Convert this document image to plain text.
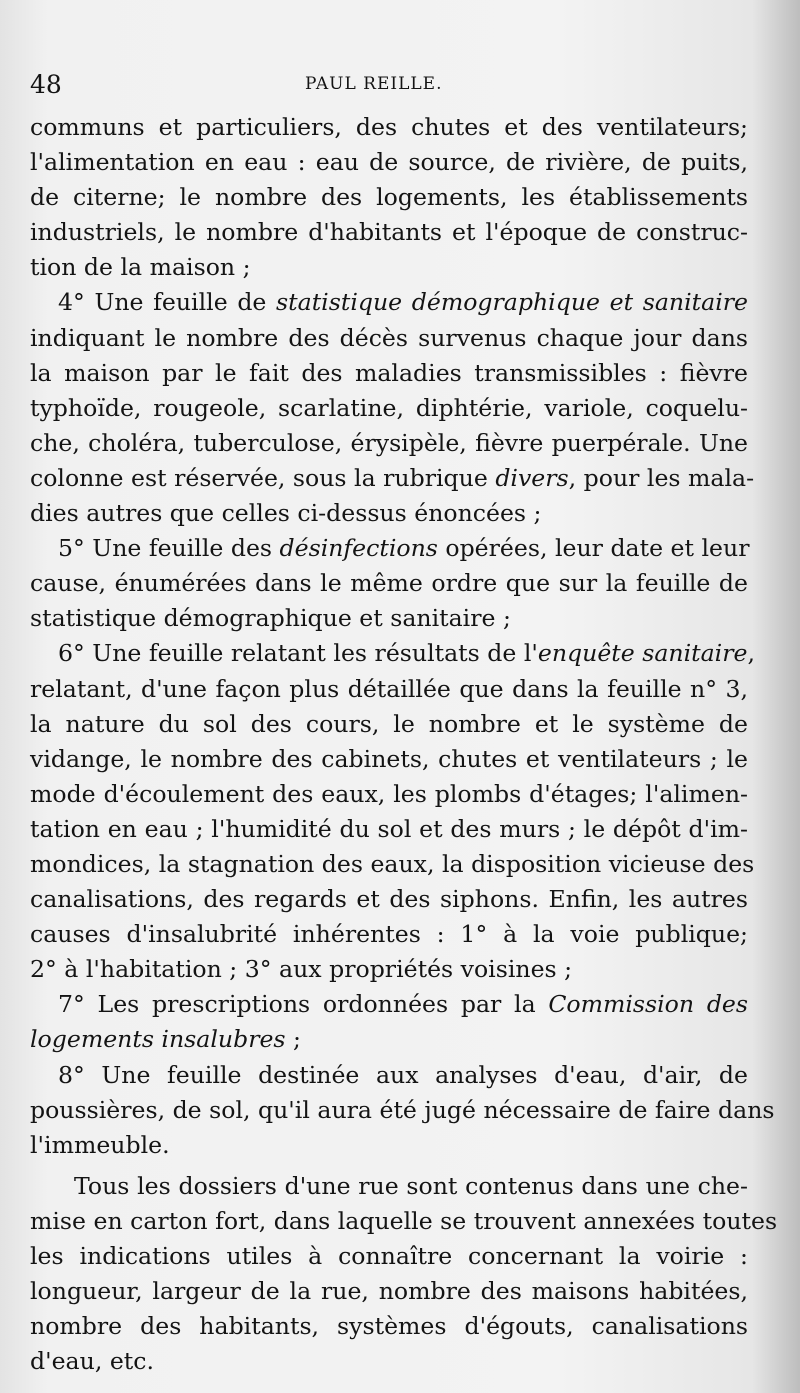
48	PAUL REILLE.
communs et particuliers, des chutes et des ventilateurs;
l'alimentation en eau : eau de source, de rivière, de puits,
de citerne; le nombre des logements, les établissements
industriels, le nombre d'habitants et l'époque de construc-
tion de la maison ;
4° Une feuille de statistique démographique et sanitaire
indiquant le nombre des décès survenus chaque jour dans
la maison par le fait des maladies transmissibles : fièvre
typhoïde, rougeole, scarlatine, diphtérie, variole, coquelu-
che, choléra, tuberculose, érysipèle, fièvre puerpérale. Une
colonne est réservée, sous la rubrique divers, pour les mala-
dies autres que celles ci-dessus énoncées ;
5° Une feuille des désinfections opérées, leur date et leur
cause, énumérées dans le même ordre que sur la feuille de
statistique démographique et sanitaire ;
6° Une feuille relatant les résultats de l'enquête sanitaire,
relatant, d'une façon plus détaillée que dans la feuille n° 3,
la nature du sol des cours, le nombre et le système de
vidange, le nombre des cabinets, chutes et ventilateurs ; le
mode d'écoulement des eaux, les plombs d'étages; l'alimen-
tation en eau ; l'humidité du sol et des murs ; le dépôt d'im-
mondices, la stagnation des eaux, la disposition vicieuse des
canalisations, des regards et des siphons. Enfin, les autres
causes d'insalubrité inhérentes : 1° à la voie publique;
2° à l'habitation ; 3° aux propriétés voisines ;
7° Les prescriptions ordonnées par la Commission des
logements insalubres ;
8° Une feuille destinée aux analyses d'eau, d'air, de
poussières, de sol, qu'il aura été jugé nécessaire de faire dans
l'immeuble.
Tous les dossiers d'une rue sont contenus dans une che-
mise en carton fort, dans laquelle se trouvent annexées toutes
les indications utiles à connaître concernant la voirie :
longueur, largeur de la rue, nombre des maisons habitées,
nombre des habitants, systèmes d'égouts, canalisations
d'eau, etc.
